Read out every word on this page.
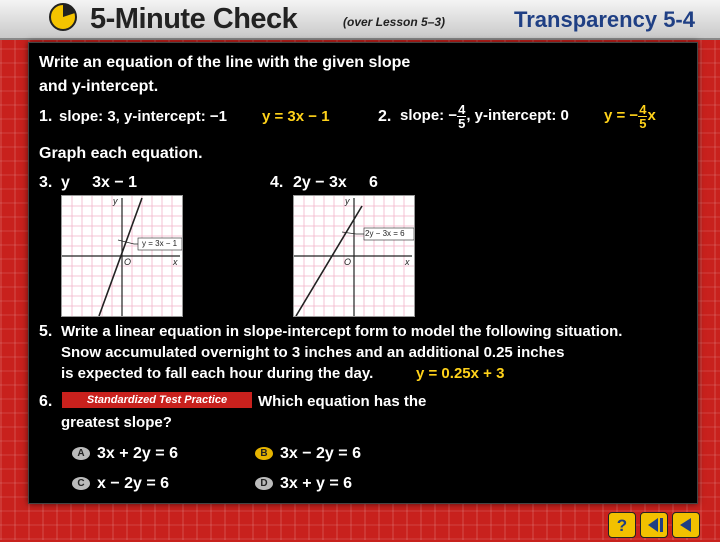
5-Minute Check	(over Lesson 5–3)	Transparency 5-4
Write an equation of the line with the given slope
and y-intercept.
1. slope: 3, y-intercept: −1 y = 3x − 1	2. slope: − $\frac{4}{5}$ , y-intercept: 0 y = − $\frac{4}{5}$ x
Graph each equation.
3. y     3x − 1
y = 3x − 1
y
x
O
4. 2y − 3x     6
2y − 3x = 6
y
x
O
5. Write a linear equation in slope-intercept form to model the following situation.
Snow accumulated overnight to 3 inches and an additional 0.25 inches
is expected to fall each hour during the day.	y = 0.25x + 3
6.	Standardized Test Practice	Which equation has the
greatest slope?
A 3x + 2y = 6	B 3x − 2y = 6
C x − 2y = 6	D 3x + y = 6
?
